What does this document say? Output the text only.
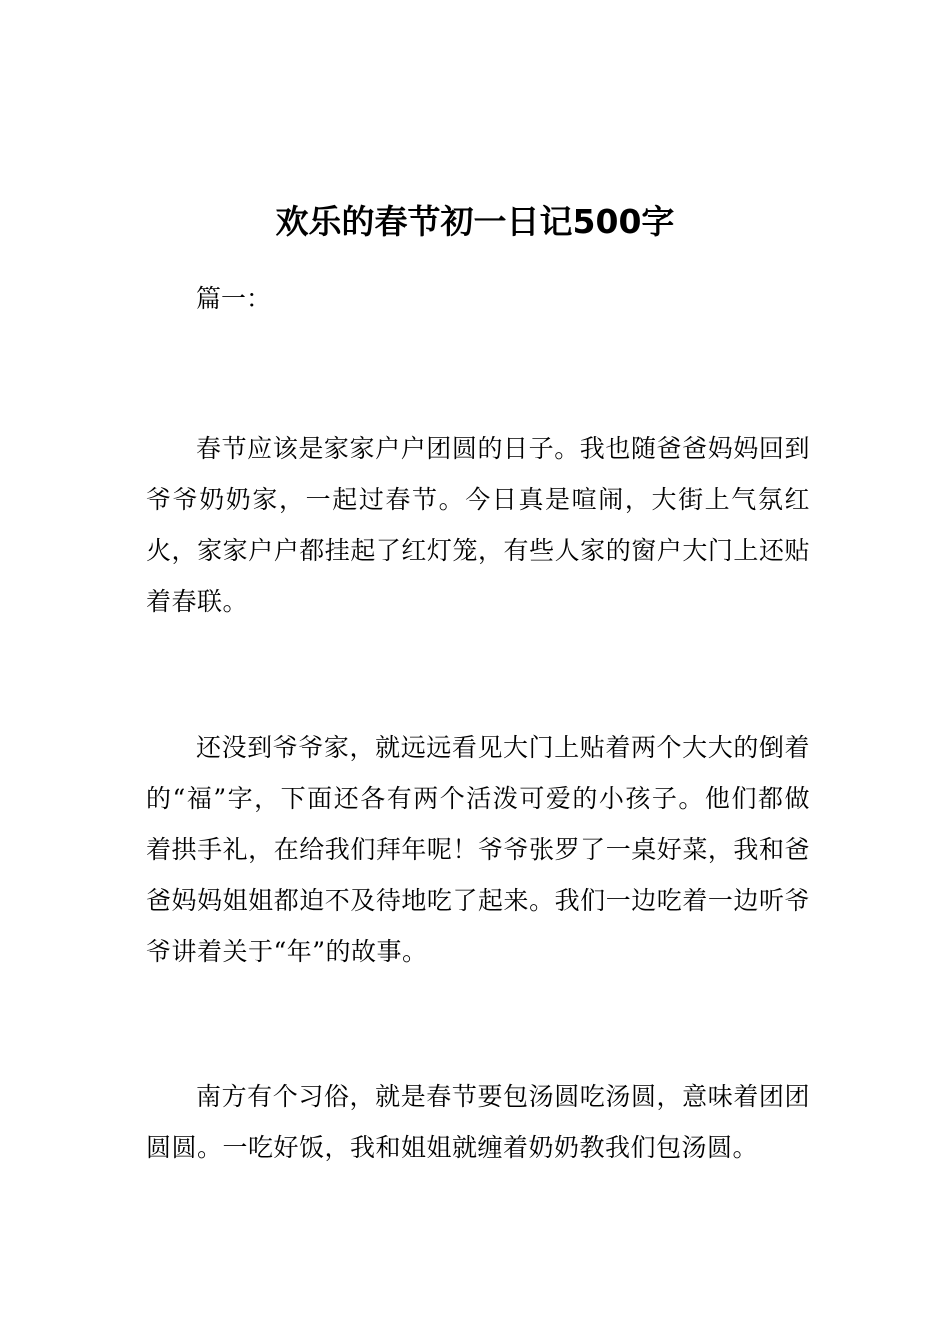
欢乐的春节初一日记500字
篇一：

春节应该是家家户户团圆的日子。我也随爸爸妈妈回到爷爷奶奶家，一起过春节。今日真是喧闹，大街上气氛红火，家家户户都挂起了红灯笼，有些人家的窗户大门上还贴着春联。

还没到爷爷家，就远远看见大门上贴着两个大大的倒着的“福”字，下面还各有两个活泼可爱的小孩子。他们都做着拱手礼，在给我们拜年呢！爷爷张罗了一桌好菜，我和爸爸妈妈姐姐都迫不及待地吃了起来。我们一边吃着一边听爷爷讲着关于“年”的故事。

南方有个习俗，就是春节要包汤圆吃汤圆，意味着团团圆圆。一吃好饭，我和姐姐就缠着奶奶教我们包汤圆。
